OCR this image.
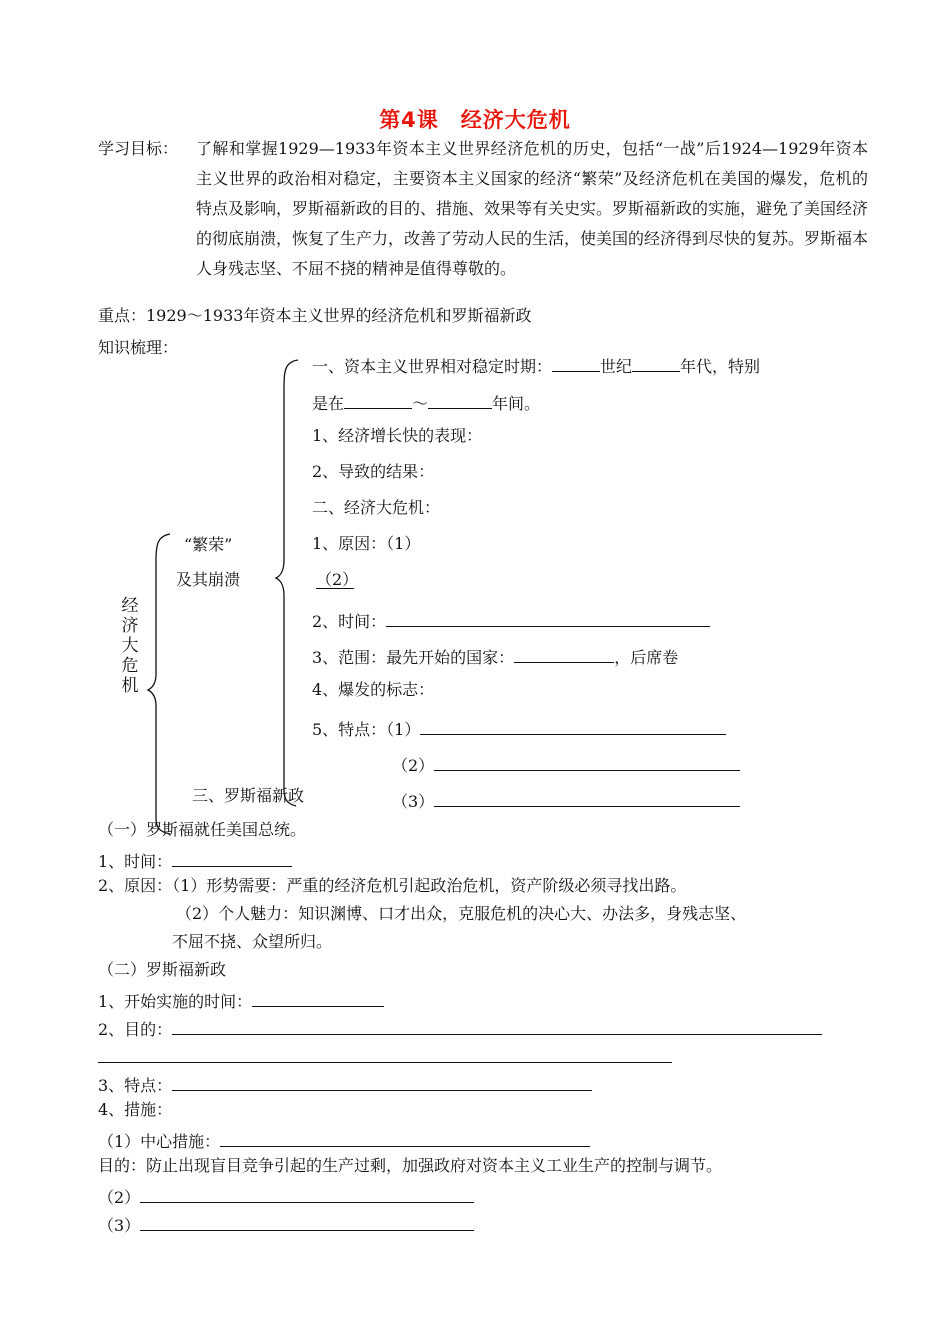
第4课　经济大危机
学习目标： 了解和掌握1929—1933年资本主义世界经济危机的历史，包括“一战”后1924—1929年资本主义世界的政治相对稳定，主要资本主义国家的经济“繁荣”及经济危机在美国的爆发，危机的特点及影响，罗斯福新政的目的、措施、效果等有关史实。罗斯福新政的实施，避免了美国经济的彻底崩溃，恢复了生产力，改善了劳动人民的生活，使美国的经济得到尽快的复苏。罗斯福本人身残志坚、不屈不挠的精神是值得尊敬的。
重点：1929～1933年资本主义世界的经济危机和罗斯福新政
知识梳理：
经
济
大
危
机
“繁荣”
及其崩溃
三、罗斯福新政
一、资本主义世界相对稳定时期：	世纪	年代，特别
是在	～	年间。
1、经济增长快的表现：
2、导致的结果：
二、经济大危机：
1、原因：（1）
（2）
2、时间：
3、范围：最先开始的国家：	，后席卷
4、爆发的标志：
5、特点：（1）
（2）
（3）
（一）罗斯福就任美国总统。
1、时间：
2、原因：（1）形势需要：严重的经济危机引起政治危机，资产阶级必须寻找出路。
（2）个人魅力：知识渊博、口才出众，克服危机的决心大、办法多，身残志坚、
不屈不挠、众望所归。
（二）罗斯福新政
1、开始实施的时间：
2、目的：
3、特点：
4、措施：
（1）中心措施：
目的：防止出现盲目竞争引起的生产过剩，加强政府对资本主义工业生产的控制与调节。
（2）
（3）
